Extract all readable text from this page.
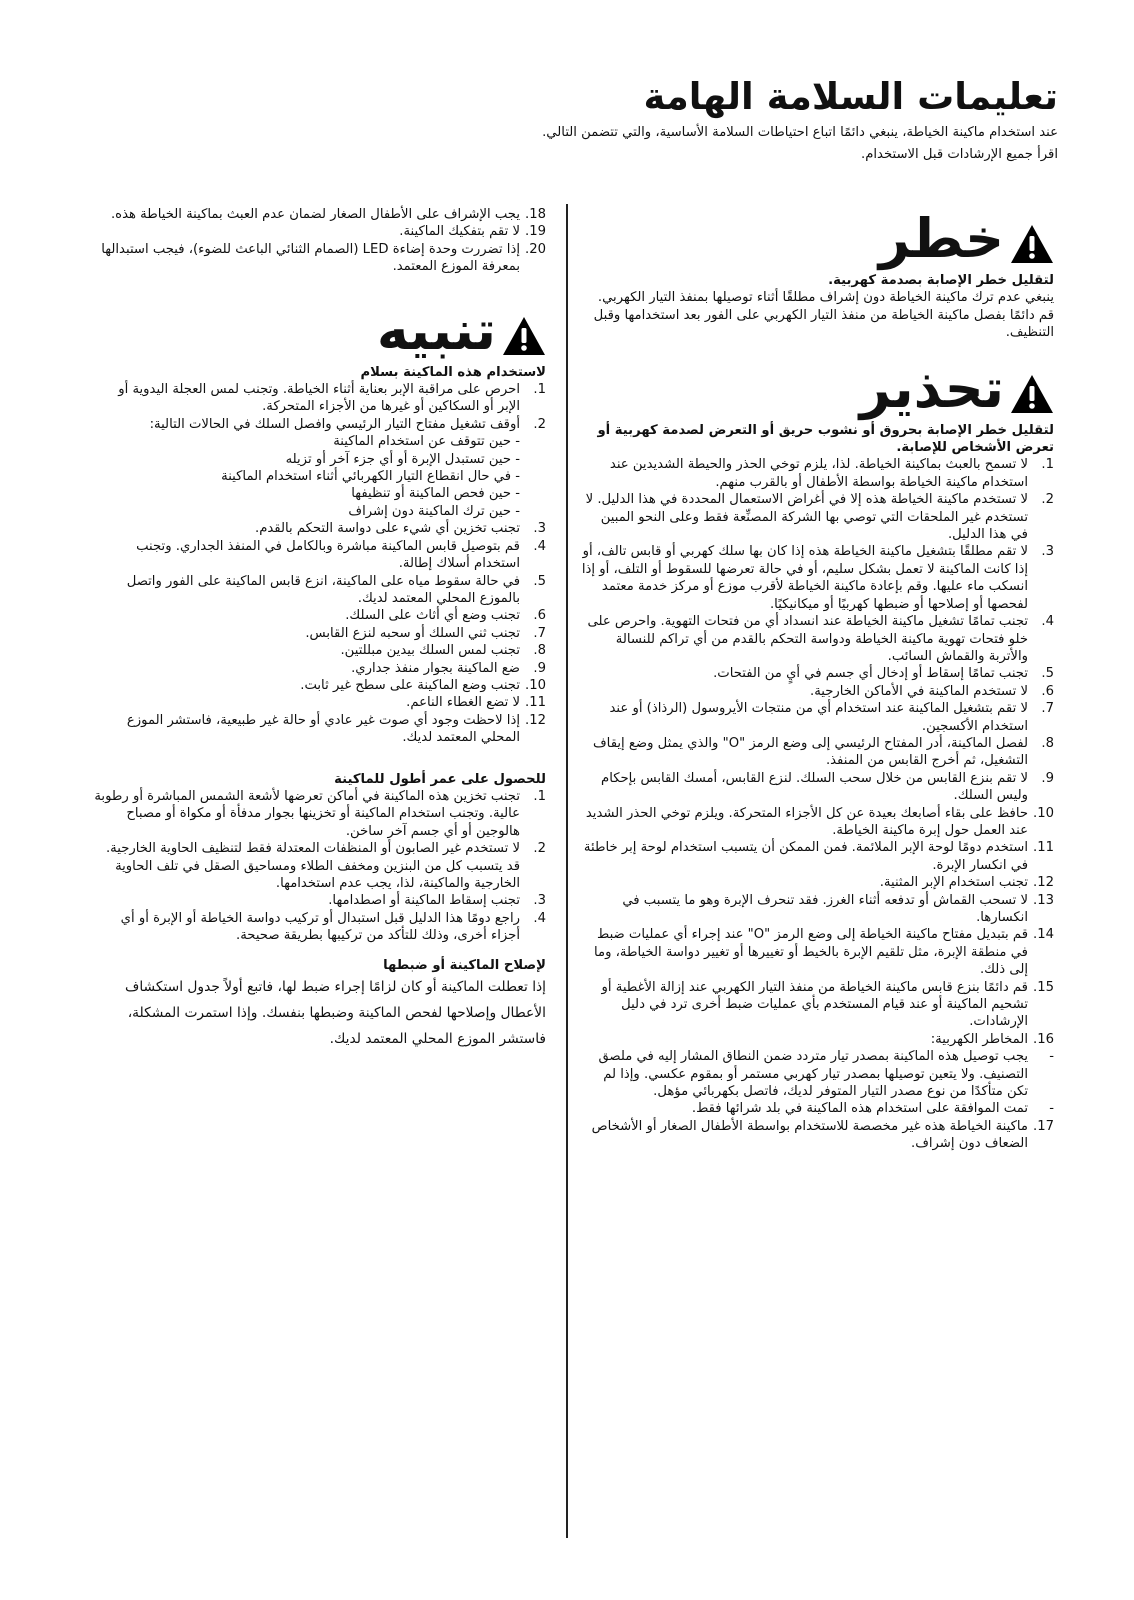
تعليمات السلامة الهامة

عند استخدام ماكينة الخياطة، ينبغي دائمًا اتباع احتياطات السلامة الأساسية، والتي تتضمن التالي.

اقرأ جميع الإرشادات قبل الاستخدام.

خطر

لتقليل خطر الإصابة بصدمة كهربية.

ينبغي عدم ترك ماكينة الخياطة دون إشراف مطلقًا أثناء توصيلها بمنفذ التيار الكهربي. قم دائمًا بفصل ماكينة الخياطة من منفذ التيار الكهربي على الفور بعد استخدامها وقبل التنظيف.

تحذير

لتقليل خطر الإصابة بحروق أو نشوب حريق أو التعرض لصدمة كهربية أو تعرض الأشخاص للإصابة.

1.
لا تسمح بالعبث بماكينة الخياطة. لذا، يلزم توخي الحذر والحيطة الشديدين عند استخدام ماكينة الخياطة بواسطة الأطفال أو بالقرب منهم.
2.
لا تستخدم ماكينة الخياطة هذه إلا في أغراض الاستعمال المحددة في هذا الدليل. لا تستخدم غير الملحقات التي توصي بها الشركة المصنِّعة فقط وعلى النحو المبين في هذا الدليل.
3.
لا تقم مطلقًا بتشغيل ماكينة الخياطة هذه إذا كان بها سلك كهربي أو قابس تالف، أو إذا كانت الماكينة لا تعمل بشكل سليم، أو في حالة تعرضها للسقوط أو التلف، أو إذا انسكب ماء عليها. وقم بإعادة ماكينة الخياطة لأقرب موزع أو مركز خدمة معتمد لفحصها أو إصلاحها أو ضبطها كهربيًا أو ميكانيكيًا.
4.
تجنب تمامًا تشغيل ماكينة الخياطة عند انسداد أي من فتحات التهوية. واحرص على خلو فتحات تهوية ماكينة الخياطة ودواسة التحكم بالقدم من أي تراكم للنسالة والأتربة والقماش السائب.
5.
تجنب تمامًا إسقاط أو إدخال أي جسم في أيٍ من الفتحات.
6.
لا تستخدم الماكينة في الأماكن الخارجية.
7.
لا تقم بتشغيل الماكينة عند استخدام أي من منتجات الأيروسول (الرذاذ) أو عند استخدام الأكسجين.
8.
لفصل الماكينة، أدر المفتاح الرئيسي إلى وضع الرمز "O" والذي يمثل وضع إيقاف التشغيل، ثم أخرج القابس من المنفذ.
9.
لا تقم بنزع القابس من خلال سحب السلك. لنزع القابس، أمسك القابس بإحكام وليس السلك.
10.
حافظ على بقاء أصابعك بعيدة عن كل الأجزاء المتحركة. ويلزم توخي الحذر الشديد عند العمل حول إبرة ماكينة الخياطة.
11.
استخدم دومًا لوحة الإبر الملائمة. فمن الممكن أن يتسبب استخدام لوحة إبر خاطئة في انكسار الإبرة.
12.
تجنب استخدام الإبر المثنية.
13.
لا تسحب القماش أو تدفعه أثناء الغرز. فقد تنحرف الإبرة وهو ما يتسبب في انكسارها.
14.
قم بتبديل مفتاح ماكينة الخياطة إلى وضع الرمز "O" عند إجراء أي عمليات ضبط في منطقة الإبرة، مثل تلقيم الإبرة بالخيط أو تغييرها أو تغيير دواسة الخياطة، وما إلى ذلك.
15.
قم دائمًا بنزع قابس ماكينة الخياطة من منفذ التيار الكهربي عند إزالة الأغطية أو تشحيم الماكينة أو عند قيام المستخدم بأي عمليات ضبط أخرى ترد في دليل الإرشادات.
16.
المخاطر الكهربية:
-
يجب توصيل هذه الماكينة بمصدر تيار متردد ضمن النطاق المشار إليه في ملصق التصنيف. ولا يتعين توصيلها بمصدر تيار كهربي مستمر أو بمقوم عكسي. وإذا لم تكن متأكدًا من نوع مصدر التيار المتوفر لديك، فاتصل بكهربائي مؤهل.
-
تمت الموافقة على استخدام هذه الماكينة في بلد شرائها فقط.
17.
ماكينة الخياطة هذه غير مخصصة للاستخدام بواسطة الأطفال الصغار أو الأشخاص الضعاف دون إشراف.
18.
يجب الإشراف على الأطفال الصغار لضمان عدم العبث بماكينة الخياطة هذه.
19.
لا تقم بتفكيك الماكينة.
20.
إذا تضررت وحدة إضاءة LED (الصمام الثنائي الباعث للضوء)، فيجب استبدالها بمعرفة الموزع المعتمد.
تنبيه

لاستخدام هذه الماكينة بسلام

1.
احرص على مراقبة الإبر بعناية أثناء الخياطة. وتجنب لمس العجلة اليدوية أو الإبر أو السكاكين أو غيرها من الأجزاء المتحركة.
2.
أوقف تشغيل مفتاح التيار الرئيسي وافصل السلك في الحالات التالية:
- حين تتوقف عن استخدام الماكينة
- حين تستبدل الإبرة أو أي جزء آخر أو تزيله
- في حال انقطاع التيار الكهربائي أثناء استخدام الماكينة
- حين فحص الماكينة أو تنظيفها
- حين ترك الماكينة دون إشراف
3.
تجنب تخزين أي شيء على دواسة التحكم بالقدم.
4.
قم بتوصيل قابس الماكينة مباشرة وبالكامل في المنفذ الجداري. وتجنب استخدام أسلاك إطالة.
5.
في حالة سقوط مياه على الماكينة، انزع قابس الماكينة على الفور واتصل بالموزع المحلي المعتمد لديك.
6.
تجنب وضع أي أثاث على السلك.
7.
تجنب ثني السلك أو سحبه لنزع القابس.
8.
تجنب لمس السلك بيدين مبللتين.
9.
ضع الماكينة بجوار منفذ جداري.
10.
تجنب وضع الماكينة على سطح غير ثابت.
11.
لا تضع الغطاء الناعم.
12.
إذا لاحظت وجود أي صوت غير عادي أو حالة غير طبيعية، فاستشر الموزع المحلي المعتمد لديك.

للحصول على عمر أطول للماكينة

1.
تجنب تخزين هذه الماكينة في أماكن تعرضها لأشعة الشمس المباشرة أو رطوبة عالية. وتجنب استخدام الماكينة أو تخزينها بجوار مدفأة أو مكواة أو مصباح هالوجين أو أي جسم آخر ساخن.
2.
لا تستخدم غير الصابون أو المنظفات المعتدلة فقط لتنظيف الحاوية الخارجية. قد يتسبب كل من البنزين ومخفف الطلاء ومساحيق الصقل في تلف الحاوية الخارجية والماكينة، لذا، يجب عدم استخدامها.
3.
تجنب إسقاط الماكينة أو اصطدامها.
4.
راجع دومًا هذا الدليل قبل استبدال أو تركيب دواسة الخياطة أو الإبرة أو أي أجزاء أخرى، وذلك للتأكد من تركيبها بطريقة صحيحة.

لإصلاح الماكينة أو ضبطها

إذا تعطلت الماكينة أو كان لزامًا إجراء ضبط لها، فاتبع أولاً جدول استكشاف الأعطال وإصلاحها لفحص الماكينة وضبطها بنفسك. وإذا استمرت المشكلة، فاستشر الموزع المحلي المعتمد لديك.
